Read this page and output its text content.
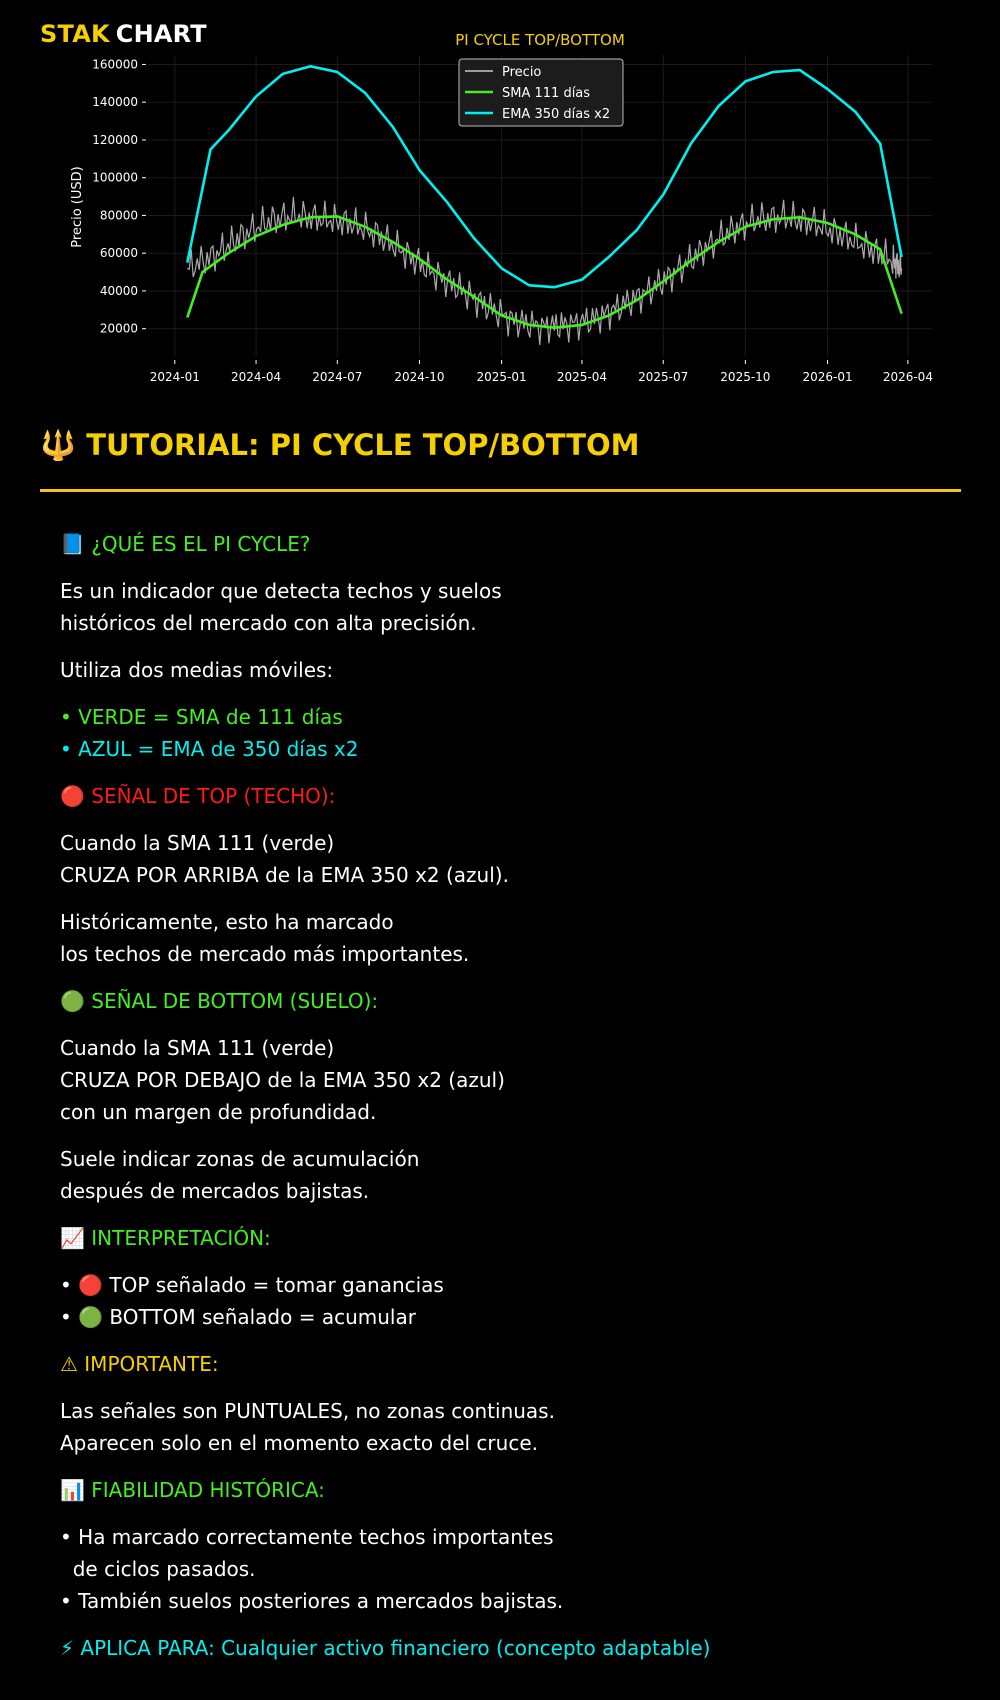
STAK CHART
20000
40000
60000
80000
100000
120000
140000
160000
2024-01	2024-04	2024-07	2024-10	2025-01	2025-04	2025-07	2025-10	2026-01	2026-04
PI CYCLE TOP/BOTTOM
Precio (USD)
Precio
SMA 111 días
EMA 350 días x2
🔱 TUTORIAL: PI CYCLE TOP/BOTTOM
📘 ¿QUÉ ES EL PI CYCLE?
Es un indicador que detecta techos y suelos
históricos del mercado con alta precisión.
Utiliza dos medias móviles:
• VERDE = SMA de 111 días
• AZUL = EMA de 350 días x2
🔴 SEÑAL DE TOP (TECHO):
Cuando la SMA 111 (verde)
CRUZA POR ARRIBA de la EMA 350 x2 (azul).
Históricamente, esto ha marcado
los techos de mercado más importantes.
🟢 SEÑAL DE BOTTOM (SUELO):
Cuando la SMA 111 (verde)
CRUZA POR DEBAJO de la EMA 350 x2 (azul)
con un margen de profundidad.
Suele indicar zonas de acumulación
después de mercados bajistas.
📈 INTERPRETACIÓN:
• 🔴 TOP señalado = tomar ganancias
• 🟢 BOTTOM señalado = acumular
⚠ IMPORTANTE:
Las señales son PUNTUALES, no zonas continuas.
Aparecen solo en el momento exacto del cruce.
📊 FIABILIDAD HISTÓRICA:
• Ha marcado correctamente techos importantes
de ciclos pasados.
• También suelos posteriores a mercados bajistas.
⚡ APLICA PARA: Cualquier activo financiero (concepto adaptable)
